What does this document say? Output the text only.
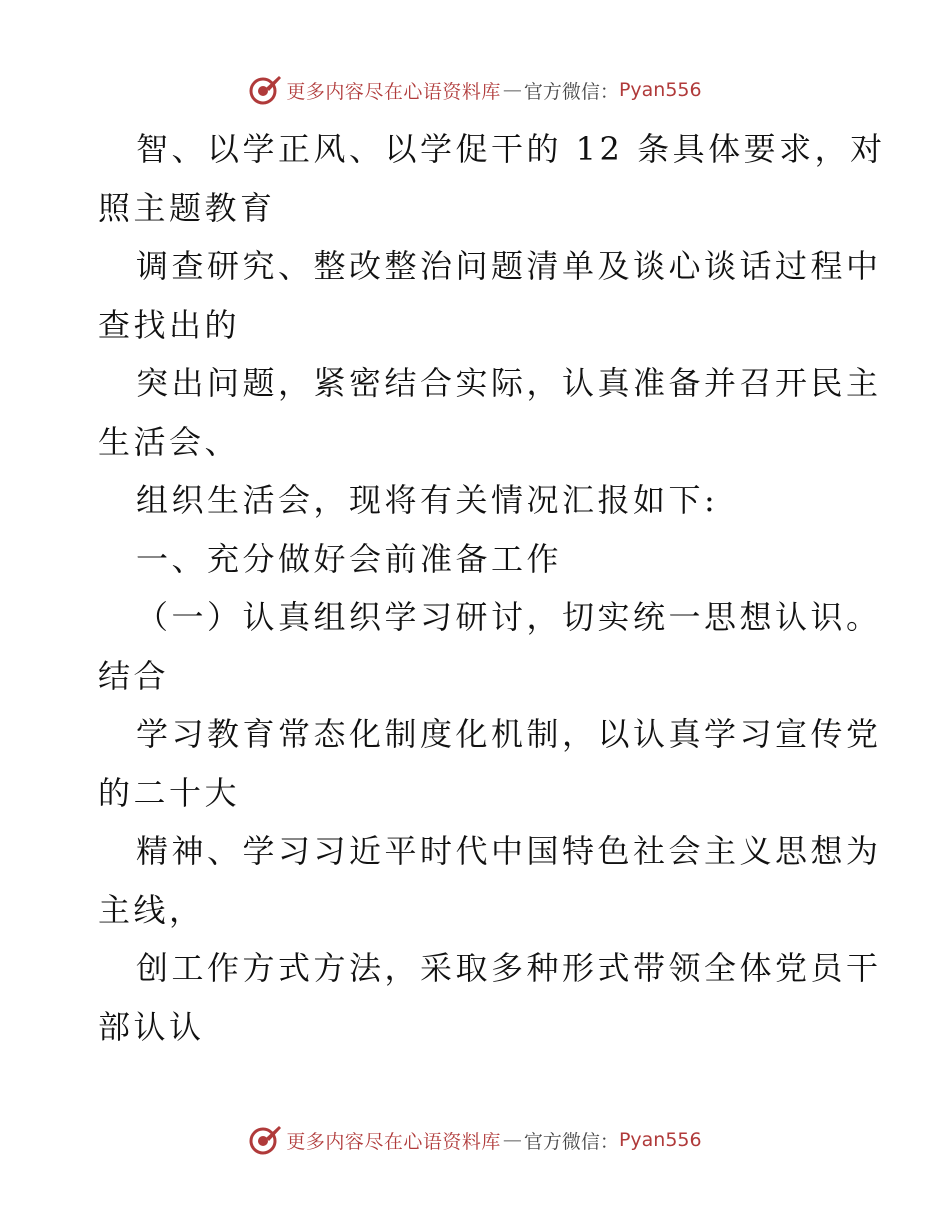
更多内容尽在心语资料库 — 官方微信： Pyan556
智、以学正风、以学促干的 12 条具体要求，对
照主题教育
调查研究、整改整治问题清单及谈心谈话过程中
查找出的
突出问题，紧密结合实际，认真准备并召开民主
生活会、
组织生活会，现将有关情况汇报如下:
一、充分做好会前准备工作
（一）认真组织学习研讨，切实统一思想认识。
结合
学习教育常态化制度化机制，以认真学习宣传党
的二十大
精神、学习习近平时代中国特色社会主义思想为
主线，
创工作方式方法，采取多种形式带领全体党员干
部认认
更多内容尽在心语资料库 — 官方微信： Pyan556
